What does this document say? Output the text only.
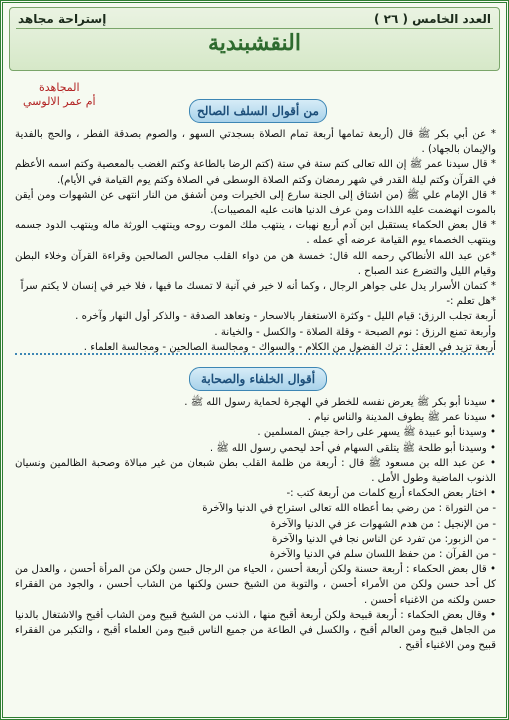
العدد الخامس ( ٢٦ )
إستراحة مجاهد
النقشبندية
المجاهدة
أم عمر الالوسي
من أقوال السلف الصالح

* عن أبي بكر ﷺ قال (أربعة تمامها أربعة تمام الصلاة بسجدتي السهو ، والصوم بصدقة الفطر ، والحج بالفدية والإيمان بالجهاد) .

* قال سيدنا عمر ﷺ إن الله تعالى كتم ستة في ستة (كتم الرضا بالطاعة وكتم الغضب بالمعصية وكتم اسمه الأعظم في القرآن وكتم ليلة القدر في شهر رمضان وكتم الصلاة الوسطى في الصلاة وكتم يوم القيامة في الأيام).

* قال الإمام علي ﷺ (من اشتاق إلى الجنة سارع إلى الخيرات ومن أشفق من النار انتهى عن الشهوات ومن أيقن بالموت انهضمت عليه اللذات ومن عرف الدنيا هانت عليه المصيبات).

* قال بعض الحكماء يستقبل ابن آدم أربع نهبات ، ينتهب ملك الموت روحه وينتهب الورثة ماله وينتهب الدود جسمه وينتهب الخصماء يوم القيامة عرضه أي عمله .

*عن عبد الله الأنطاكي رحمه الله قال: خمسة هن من دواء القلب مجالس الصالحين وقراءة القرآن وخلاء البطن وقيام الليل والتضرع عند الصباح .

* كتمان الأسرار يدل على جواهر الرجال ، وكما أنه لا خير في آنية لا تمسك ما فيها ، فلا خير في إنسان لا يكتم سراً

*هل تعلم :-

أربعة تجلب الرزق: قيام الليل - وكثرة الاستغفار بالاسحار - وتعاهد الصدقة - والذكر أول النهار وآخره .

وأربعة تمنع الرزق : نوم الصبحة - وقلة الصلاة - والكسل - والخيانة .

أربعة تزيد في العقل : ترك الفضول من الكلام - والسواك - ومجالسة الصالحين - ومجالسة العلماء .

أقوال الخلفاء والصحابة

• سيدنا أبو بكر ﷺ يعرض نفسه للخطر في الهجرة لحماية رسول الله ﷺ .

• سيدنا عمر ﷺ يطوف المدينة والناس نيام .

• وسيدنا أبو عبيدة ﷺ يسهر على راحة جيش المسلمين .

• وسيدنا أبو طلحة ﷺ يتلقى السهام في أحد ليحمي رسول الله ﷺ .

• عن عبد الله بن مسعود ﷺ قال : أربعة من ظلمة القلب بطن شبعان من غير مبالاة وصحبة الظالمين ونسيان الذنوب الماضية وطول الأمل .

• اختار بعض الحكماء أربع كلمات من أربعة كتب :-

- من التوراة : من رضي بما أعطاه الله تعالى استراح في الدنيا والآخرة

- من الإنجيل : من هدم الشهوات عز في الدنيا والآخرة

- من الزبور: من تفرد عن الناس نجا في الدنيا والآخرة

- من القرآن : من حفظ اللسان سلم في الدنيا والآخرة

• قال بعض الحكماء : أربعة حسنة ولكن أربعة أحسن ، الحياء من الرجال حسن ولكن من المرأة أحسن ، والعدل من كل أحد حسن ولكن من الأمراء أحسن ، والتوبة من الشيخ حسن ولكنها من الشاب أحسن ، والجود من الفقراء حسن ولكنه من الاغنياء أحسن .

• وقال بعض الحكماء : أربعة قبيحة ولكن أربعة أقبح منها ، الذنب من الشيخ قبيح ومن الشاب أقبح والاشتغال بالدنيا من الجاهل قبيح ومن العالم أقبح ، والكسل في الطاعة من جميع الناس قبيح ومن العلماء أقبح ، والتكبر من الفقراء قبيح ومن الاغنياء أقبح .
